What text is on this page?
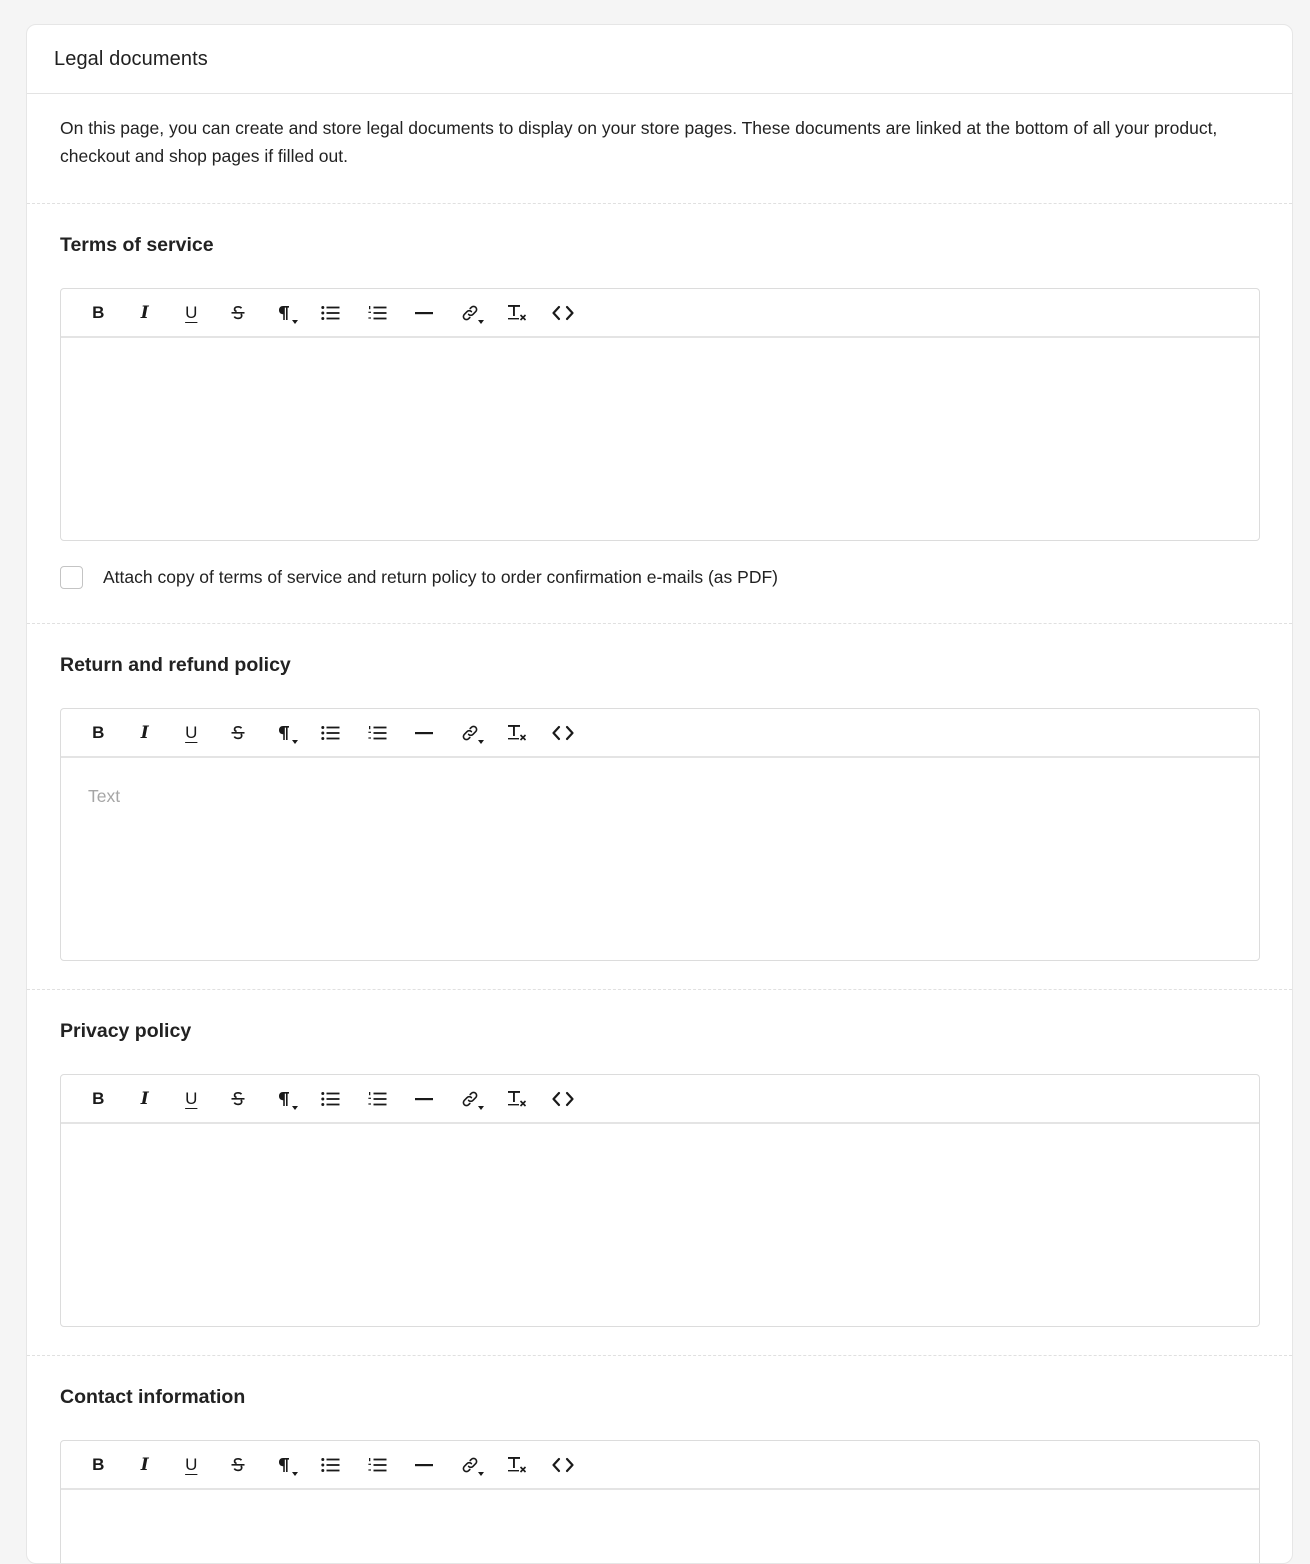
Legal documents

On this page, you can create and store legal documents to display on your store pages. These documents are linked at the bottom of all your product, checkout and shop pages if filled out.

Terms of service
B I U
Attach copy of terms of service and return policy to order confirmation e-mails (as PDF)
Return and refund policy
B I U
Text
Privacy policy
B I U
Contact information
B I U
